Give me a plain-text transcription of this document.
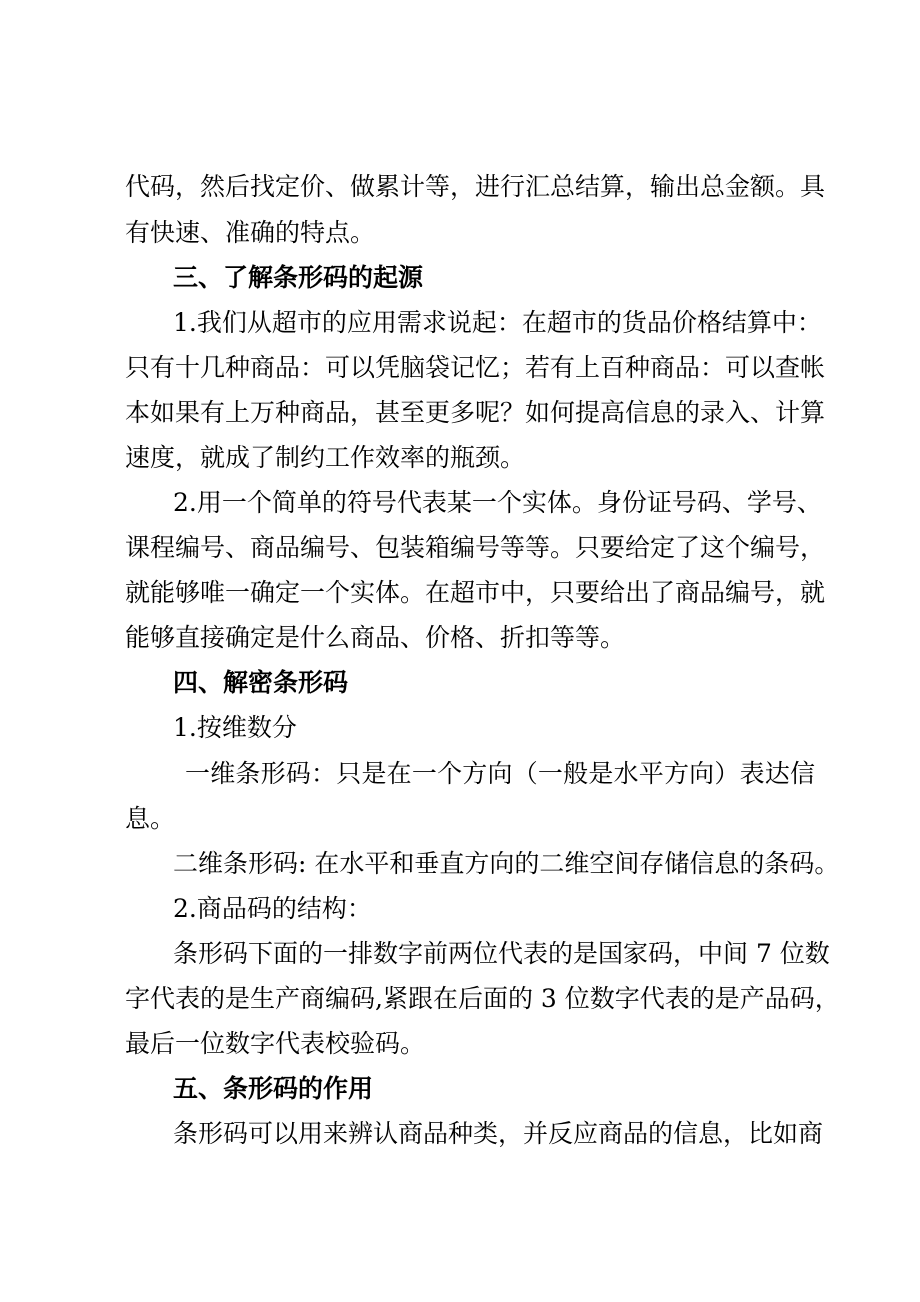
代码，然后找定价、做累计等，进行汇总结算，输出总金额。具
有快速、准确的特点。
三、了解条形码的起源
1.我们从超市的应用需求说起：在超市的货品价格结算中：
只有十几种商品：可以凭脑袋记忆；若有上百种商品：可以查帐
本如果有上万种商品，甚至更多呢？如何提高信息的录入、计算
速度，就成了制约工作效率的瓶颈。
2.用一个简单的符号代表某一个实体。身份证号码、学号、
课程编号、商品编号、包装箱编号等等。只要给定了这个编号，
就能够唯一确定一个实体。在超市中，只要给出了商品编号，就
能够直接确定是什么商品、价格、折扣等等。
四、解密条形码
1.按维数分
一维条形码：只是在一个方向（一般是水平方向）表达信
息。
二维条形码: 在水平和垂直方向的二维空间存储信息的条码。
2.商品码的结构：
条形码下面的一排数字前两位代表的是国家码，中间 7 位数
字代表的是生产商编码,紧跟在后面的 3 位数字代表的是产品码，
最后一位数字代表校验码。
五、条形码的作用
条形码可以用来辨认商品种类，并反应商品的信息，比如商
